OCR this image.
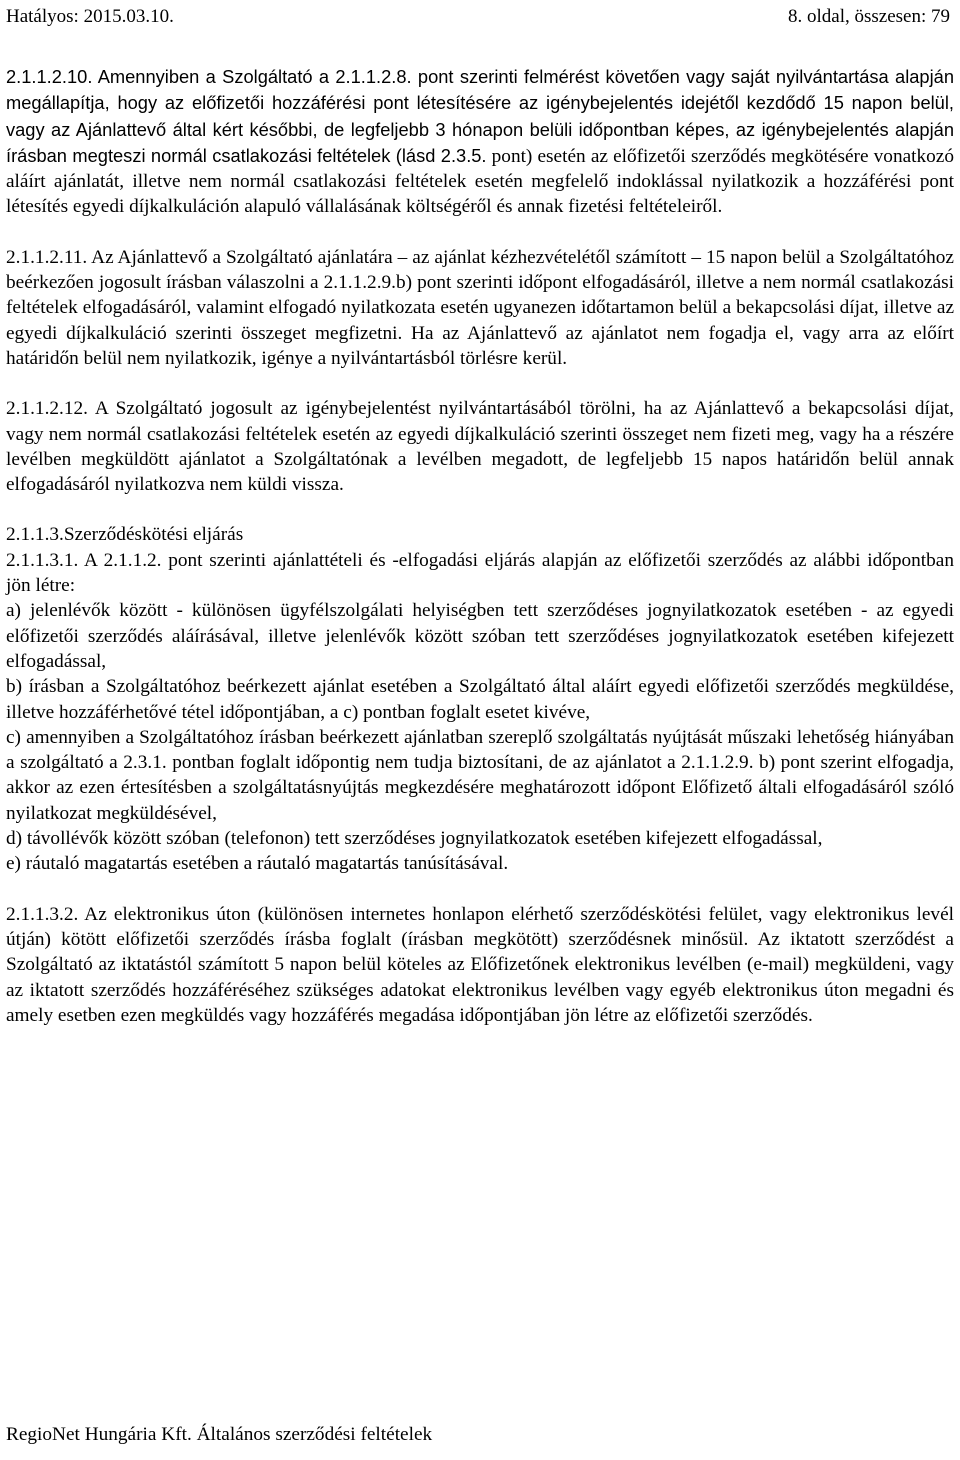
Hatályos: 2015.03.10.	8. oldal, összesen: 79

2.1.1.2.10. Amennyiben a Szolgáltató a 2.1.1.2.8. pont szerinti felmérést követően vagy saját nyilvántartása alapján megállapítja, hogy az előfizetői hozzáférési pont létesítésére az igénybejelentés idejétől kezdődő 15 napon belül, vagy az Ajánlattevő által kért későbbi, de legfeljebb 3 hónapon belüli időpontban képes, az igénybejelentés alapján írásban megteszi normál csatlakozási feltételek (lásd 2.3.5. pont) esetén az előfizetői szerződés megkötésére vonatkozó aláírt ajánlatát, illetve nem normál csatlakozási feltételek esetén megfelelő indoklással nyilatkozik a hozzáférési pont létesítés egyedi díjkalkuláción alapuló vállalásának költségéről és annak fizetési feltételeiről.

2.1.1.2.11. Az Ajánlattevő a Szolgáltató ajánlatára – az ajánlat kézhezvételétől számított – 15 napon belül a Szolgáltatóhoz beérkezően jogosult írásban válaszolni a 2.1.1.2.9.b) pont szerinti időpont elfogadásáról, illetve a nem normál csatlakozási feltételek elfogadásáról, valamint elfogadó nyilatkozata esetén ugyanezen időtartamon belül a bekapcsolási díjat, illetve az egyedi díjkalkuláció szerinti összeget megfizetni. Ha az Ajánlattevő az ajánlatot nem fogadja el, vagy arra az előírt határidőn belül nem nyilatkozik, igénye a nyilvántartásból törlésre kerül.

2.1.1.2.12. A Szolgáltató jogosult az igénybejelentést nyilvántartásából törölni, ha az Ajánlattevő a bekapcsolási díjat, vagy nem normál csatlakozási feltételek esetén az egyedi díjkalkuláció szerinti összeget nem fizeti meg, vagy ha a részére levélben megküldött ajánlatot a Szolgáltatónak a levélben megadott, de legfeljebb 15 napos határidőn belül annak elfogadásáról nyilatkozva nem küldi vissza.

2.1.1.3.Szerződéskötési eljárás

2.1.1.3.1. A 2.1.1.2. pont szerinti ajánlattételi és -elfogadási eljárás alapján az előfizetői szerződés az alábbi időpontban jön létre:

a) jelenlévők között - különösen ügyfélszolgálati helyiségben tett szerződéses jognyilatkozatok esetében - az egyedi előfizetői szerződés aláírásával, illetve jelenlévők között szóban tett szerződéses jognyilatkozatok esetében kifejezett elfogadással,

b) írásban a Szolgáltatóhoz beérkezett ajánlat esetében a Szolgáltató által aláírt egyedi előfizetői szerződés megküldése, illetve hozzáférhetővé tétel időpontjában, a c) pontban foglalt esetet kivéve,

c) amennyiben a Szolgáltatóhoz írásban beérkezett ajánlatban szereplő szolgáltatás nyújtását műszaki lehetőség hiányában a szolgáltató a 2.3.1. pontban foglalt időpontig nem tudja biztosítani, de az ajánlatot a 2.1.1.2.9. b) pont szerint elfogadja, akkor az ezen értesítésben a szolgáltatásnyújtás megkezdésére meghatározott időpont Előfizető általi elfogadásáról szóló nyilatkozat megküldésével,

d) távollévők között szóban (telefonon) tett szerződéses jognyilatkozatok esetében kifejezett elfogadással,

e) ráutaló magatartás esetében a ráutaló magatartás tanúsításával.

2.1.1.3.2. Az elektronikus úton (különösen internetes honlapon elérhető szerződéskötési felület, vagy elektronikus levél útján) kötött előfizetői szerződés írásba foglalt (írásban megkötött) szerződésnek minősül. Az iktatott szerződést a Szolgáltató az iktatástól számított 5 napon belül köteles az Előfizetőnek elektronikus levélben (e-mail) megküldeni, vagy az iktatott szerződés hozzáféréséhez szükséges adatokat elektronikus levélben vagy egyéb elektronikus úton megadni és amely esetben ezen megküldés vagy hozzáférés megadása időpontjában jön létre az előfizetői szerződés.

RegioNet Hungária Kft. Általános szerződési feltételek
